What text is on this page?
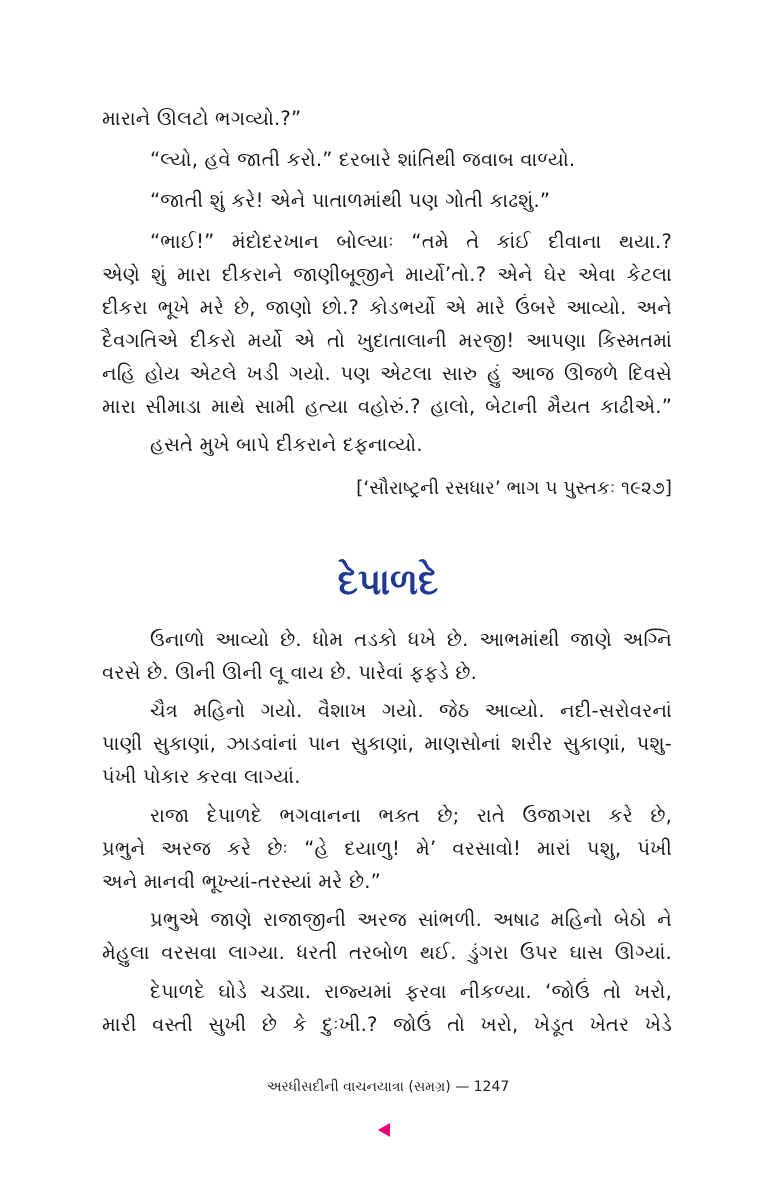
મારાને ઊલટો ભગવ્યો.?”
“લ્યો, હવે જાતી કરો.” દરબારે શાંતિથી જવાબ વાળ્યો.
“જાતી શું કરે! એને પાતાળમાંથી પણ ગોતી કાઢશું.”
“ભાઈ!” મંદોદરખાન બોલ્યાઃ “તમે તે કાંઈ દીવાના થયા.?
એણે શું મારા દીકરાને જાણીબૂજીને માર્યો’તો.? એને ઘેર એવા કેટલા
દીકરા ભૂખે મરે છે, જાણો છો.? કોડભર્યો એ મારે ઉંબરે આવ્યો. અને
દૈવગતિએ દીકરો મર્યો એ તો ખુદાતાલાની મરજી! આપણા કિસ્મતમાં
નહિ હોય એટલે ખડી ગયો. પણ એટલા સારુ હું આજ ઊજળે દિવસે
મારા સીમાડા માથે સામી હત્યા વહોરું.? હાલો, બેટાની મૈયત કાઢીએ.”
હસતે મુખે બાપે દીકરાને દફનાવ્યો.
[‘સૌરાષ્ટ્રની રસધાર’ ભાગ ૫ પુસ્તકઃ ૧૯૨૭]
દેપાળદે
ઉનાળો આવ્યો છે. ધોમ તડકો ધખે છે. આભમાંથી જાણે અગ્નિ
વરસે છે. ઊની ઊની લૂ વાય છે. પારેવાં ફફડે છે.
ચૈત્ર મહિનો ગયો. વૈશાખ ગયો. જેઠ આવ્યો. નદી-સરોવરનાં
પાણી સુકાણાં, ઝાડવાંનાં પાન સુકાણાં, માણસોનાં શરીર સુકાણાં, પશુ-
પંખી પોકાર કરવા લાગ્યાં.
રાજા દેપાળદે ભગવાનના ભક્ત છે; રાતે ઉજાગરા કરે છે,
પ્રભુને અરજ કરે છેઃ “હે દયાળુ! મે’ વરસાવો! મારાં પશુ, પંખી
અને માનવી ભૂખ્યાં-તરસ્યાં મરે છે.”
પ્રભુએ જાણે રાજાજીની અરજ સાંભળી. અષાઢ મહિનો બેઠો ને
મેહુલા વરસવા લાગ્યા. ધરતી તરબોળ થઈ. ડુંગરા ઉપર ઘાસ ઊગ્યાં.
દેપાળદે ઘોડે ચડ્યા. રાજ્યમાં ફરવા નીકળ્યા. ‘જોઉં તો ખરો,
મારી વસ્તી સુખી છે કે દુઃખી.? જોઉં તો ખરો, ખેડૂત ખેતર ખેડે
અરધીસદીની વાચનયાત્રા (સમગ્ર) — 1247
